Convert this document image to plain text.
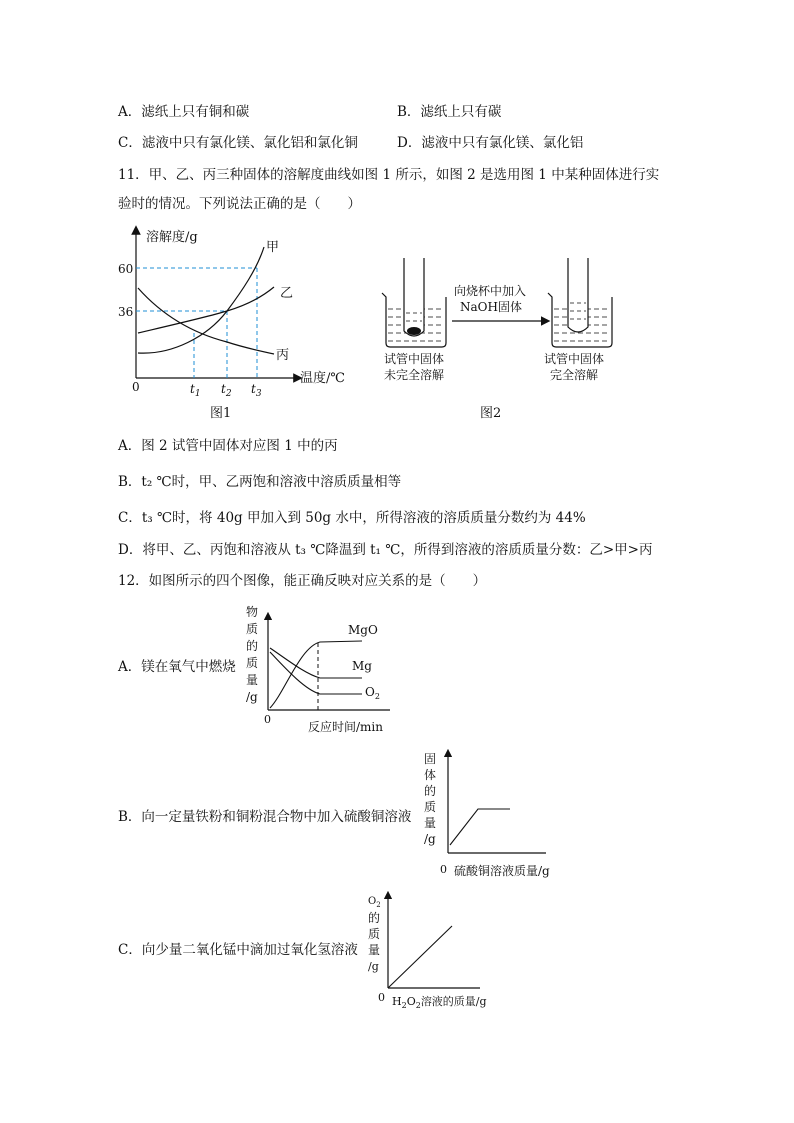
A．滤纸上只有铜和碳	B．滤纸上只有碳
C．滤液中只有氯化镁、氯化铝和氯化铜	D．滤液中只有氯化镁、氯化铝
11．甲、乙、丙三种固体的溶解度曲线如图 1 所示，如图 2 是选用图 1 中某种固体进行实
验时的情况。下列说法正确的是（　　）
溶解度/g
温度/℃
0
60
36
甲
乙
丙
$t_1$ $t_2$ $t_3$
图1
向烧杯中加入
NaOH固体
试管中固体
未完全溶解
试管中固体
完全溶解
图2
A．图 2 试管中固体对应图 1 中的丙
B．t₂ ℃时，甲、乙两饱和溶液中溶质质量相等
C．t₃ ℃时，将 40g 甲加入到 50g 水中，所得溶液的溶质质量分数约为 44%
D．将甲、乙、丙饱和溶液从 t₃ ℃降温到 t₁ ℃，所得到溶液的溶质质量分数：乙>甲>丙
12．如图所示的四个图像，能正确反映对应关系的是（　　）
A．镁在氧气中燃烧
物
质
的
质
量
/g
0
反应时间/min
MgO
Mg
$O_2$
B．向一定量铁粉和铜粉混合物中加入硫酸铜溶液
固
体
的
质
量
/g
0 硫酸铜溶液质量/g
C．向少量二氧化锰中滴加过氧化氢溶液
$O_2$
的
质
量
/g
0 $H_2O_2$溶液的质量/g
